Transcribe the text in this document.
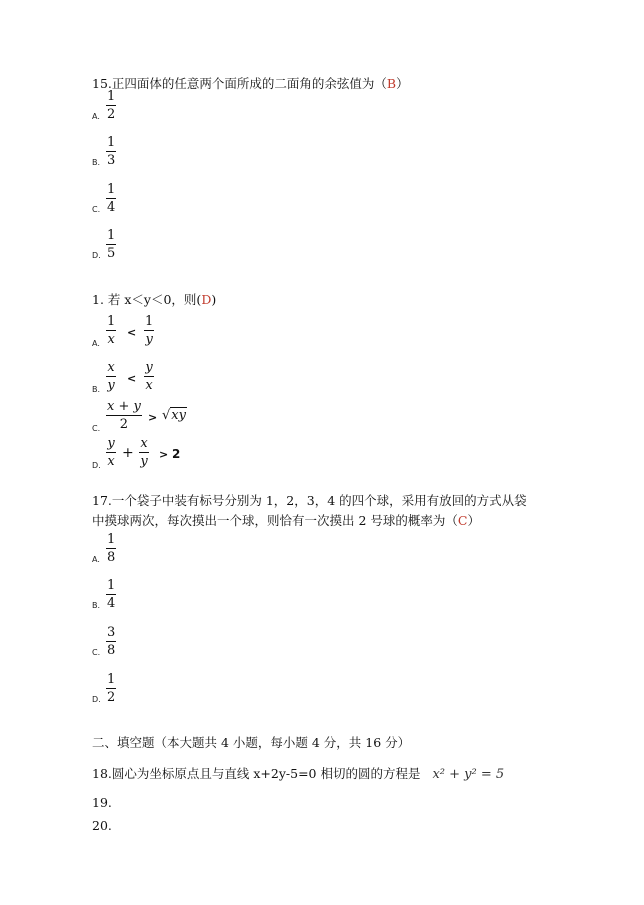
15.正四面体的任意两个面所成的二面角的余弦值为（B）
A.
1
2
B.
1
3
C.
1
4
D.
1
5
1. 若 x＜y＜0，则(D)
A.
1
x <
1
y
B.
x
y <
y
x
C.
x + y
2 > √xy
D.
y
x
+
x
y > 2
17.一个袋子中装有标号分别为 1，2，3，4 的四个球，采用有放回的方式从袋
中摸球两次，每次摸出一个球，则恰有一次摸出 2 号球的概率为（C）
A.
1
8
B.
1
4
C.
3
8
D.
1
2
二、填空题（本大题共 4 小题，每小题 4 分，共 16 分）
18.圆心为坐标原点且与直线 x+2y-5=0 相切的圆的方程是 x² + y² = 5
19.
20.
